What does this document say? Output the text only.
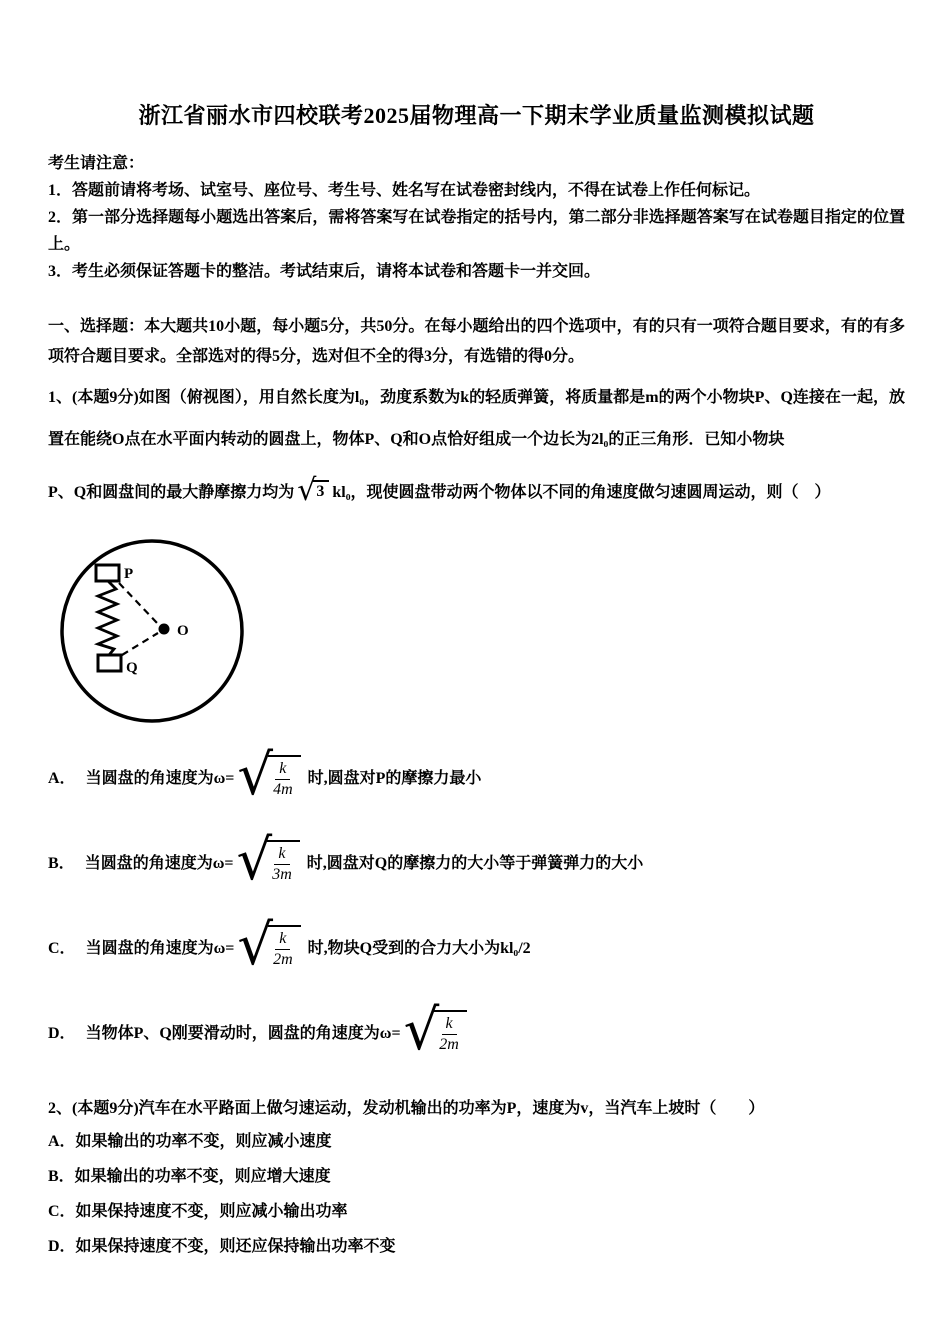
浙江省丽水市四校联考2025届物理高一下期末学业质量监测模拟试题

考生请注意：

1．答题前请将考场、试室号、座位号、考生号、姓名写在试卷密封线内，不得在试卷上作任何标记。

2．第一部分选择题每小题选出答案后，需将答案写在试卷指定的括号内，第二部分非选择题答案写在试卷题目指定的位置上。

3．考生必须保证答题卡的整洁。考试结束后，请将本试卷和答题卡一并交回。

一、选择题：本大题共10小题，每小题5分，共50分。在每小题给出的四个选项中，有的只有一项符合题目要求，有的有多项符合题目要求。全部选对的得5分，选对但不全的得3分，有选错的得0分。

1、(本题9分)如图（俯视图），用自然长度为l₀，劲度系数为k的轻质弹簧，将质量都是m的两个小物块P、Q连接在一起，放置在能绕O点在水平面内转动的圆盘上，物体P、Q和O点恰好组成一个边长为2l₀的正三角形．已知小物块

P、Q和圆盘间的最大静摩擦力均为 √ 3 kl₀，现使圆盘带动两个物体以不同的角速度做匀速圆周运动，则（　）
P
Q
O
A． 当圆盘的角速度为ω= √ $\frac{k}{4m}$ 时,圆盘对P的摩擦力最小
B． 当圆盘的角速度为ω= √ $\frac{k}{3m}$ 时,圆盘对Q的摩擦力的大小等于弹簧弹力的大小
C． 当圆盘的角速度为ω= √ $\frac{k}{2m}$ 时,物块Q受到的合力大小为kl₀/2
D． 当物体P、Q刚要滑动时，圆盘的角速度为ω= √ $\frac{k}{2m}$

2、(本题9分)汽车在水平路面上做匀速运动，发动机输出的功率为P，速度为v，当汽车上坡时（　　）

A．如果输出的功率不变，则应减小速度

B．如果输出的功率不变，则应增大速度

C．如果保持速度不变，则应减小输出功率

D．如果保持速度不变，则还应保持输出功率不变
